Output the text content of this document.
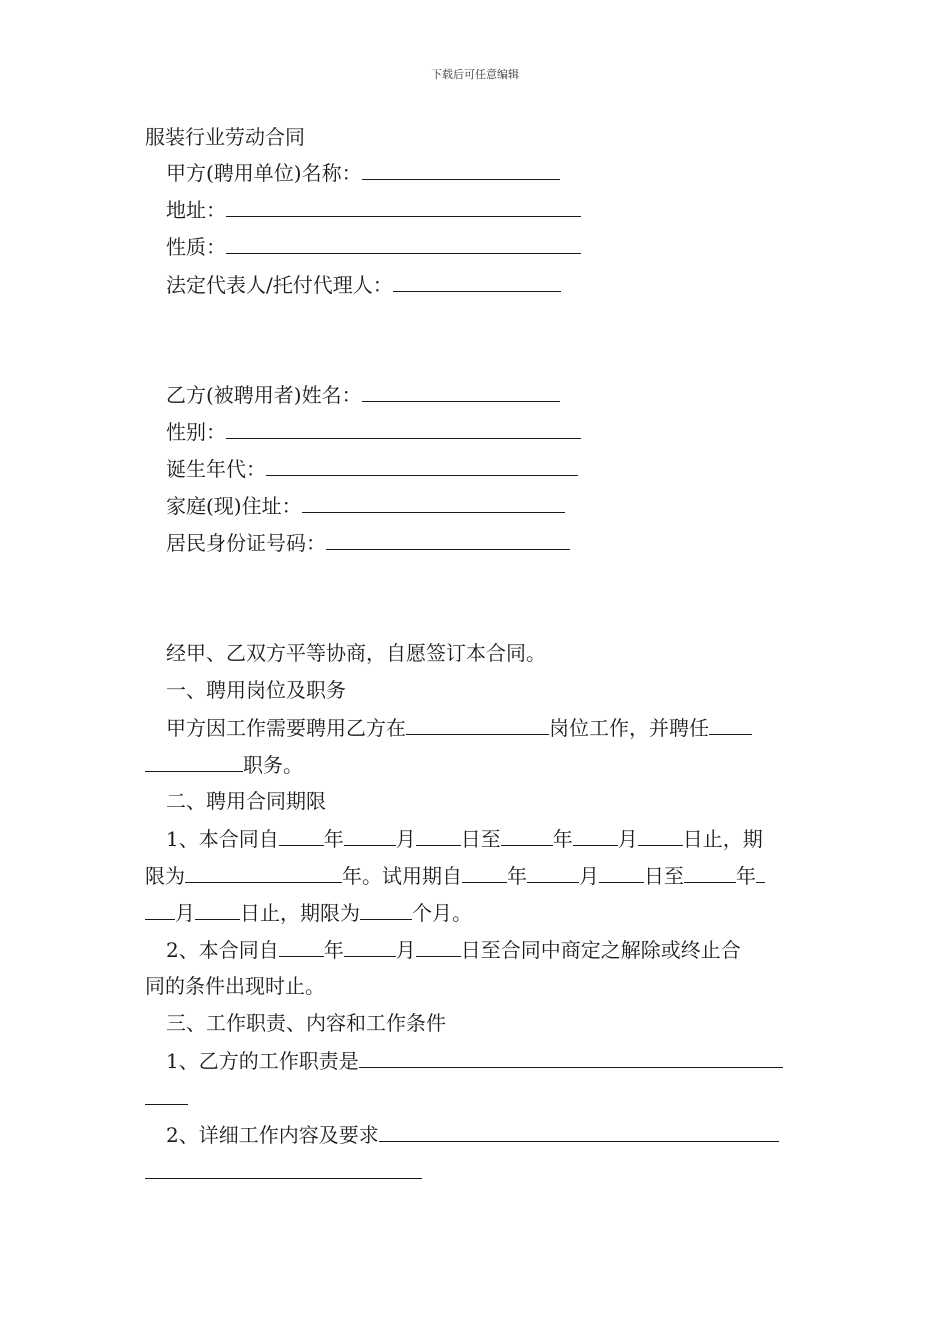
下载后可任意编辑
服装行业劳动合同
甲方(聘用单位)名称：
地址：
性质：
法定代表人/托付代理人：
乙方(被聘用者)姓名：
性别：
诞生年代：
家庭(现)住址：
居民身份证号码：
经甲、乙双方平等协商，自愿签订本合同。
一、聘用岗位及职务
甲方因工作需要聘用乙方在	岗位工作，并聘任
职务。
二、聘用合同期限
1、本合同自 年	月 日至	年 月 日止，期
限为	年。试用期自 年	月 日至	年
月 日止，期限为	个月。
2、本合同自 年	月 日至合同中商定之解除或终止合
同的条件出现时止。
三、工作职责、内容和工作条件
1、乙方的工作职责是
2、详细工作内容及要求
